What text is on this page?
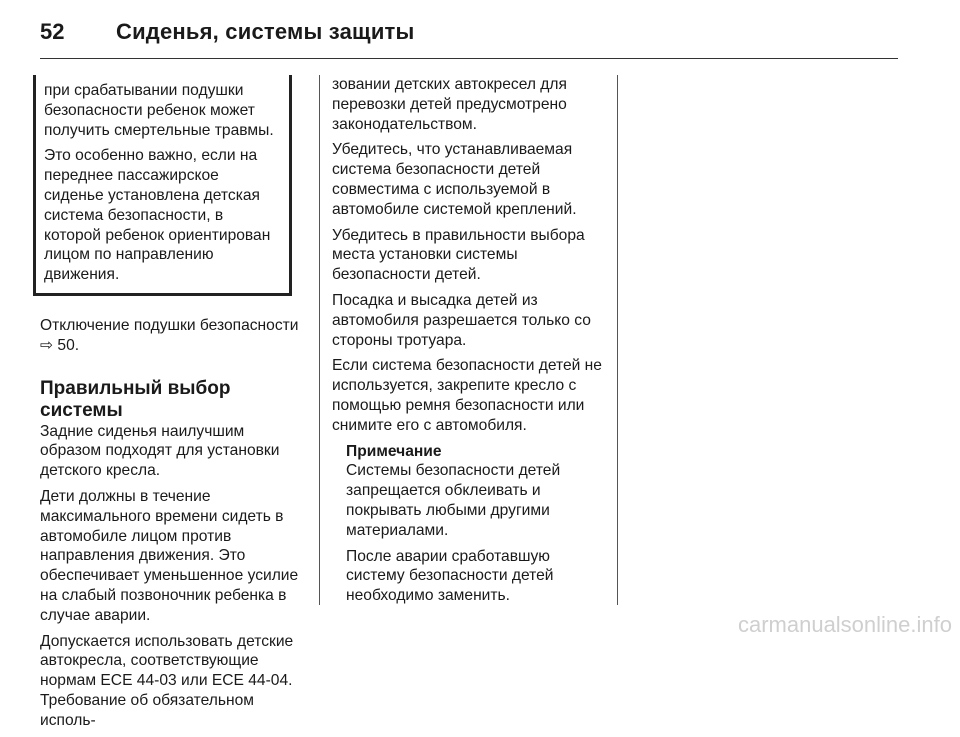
52	Сиденья, системы защиты

при срабатывании подушки безопасности ребенок может получить смертельные травмы.

Это особенно важно, если на переднее пассажирское сиденье установлена детская система безопасности, в которой ребенок ориентирован лицом по направлению движения.

Отключение подушки безопасности ⇨ 50.

Правильный выбор системы

Задние сиденья наилучшим образом подходят для установки детского кресла.

Дети должны в течение максимального времени сидеть в автомобиле лицом против направления движения. Это обеспечивает уменьшенное усилие на слабый позвоночник ребенка в случае аварии.

Допускается использовать детские автокресла, соответствующие нормам ЕСЕ 44-03 или ЕСЕ 44-04. Требование об обязательном исполь-

зовании детских автокресел для перевозки детей предусмотрено законодательством.

Убедитесь, что устанавливаемая система безопасности детей совместима с используемой в автомобиле системой креплений.

Убедитесь в правильности выбора места установки системы безопасности детей.

Посадка и высадка детей из автомобиля разрешается только со стороны тротуара.

Если система безопасности детей не используется, закрепите кресло с помощью ремня безопасности или снимите его с автомобиля.

Примечание

Системы безопасности детей запрещается обклеивать и покрывать любыми другими материалами.

После аварии сработавшую систему безопасности детей необходимо заменить.

carmanualsonline.info
